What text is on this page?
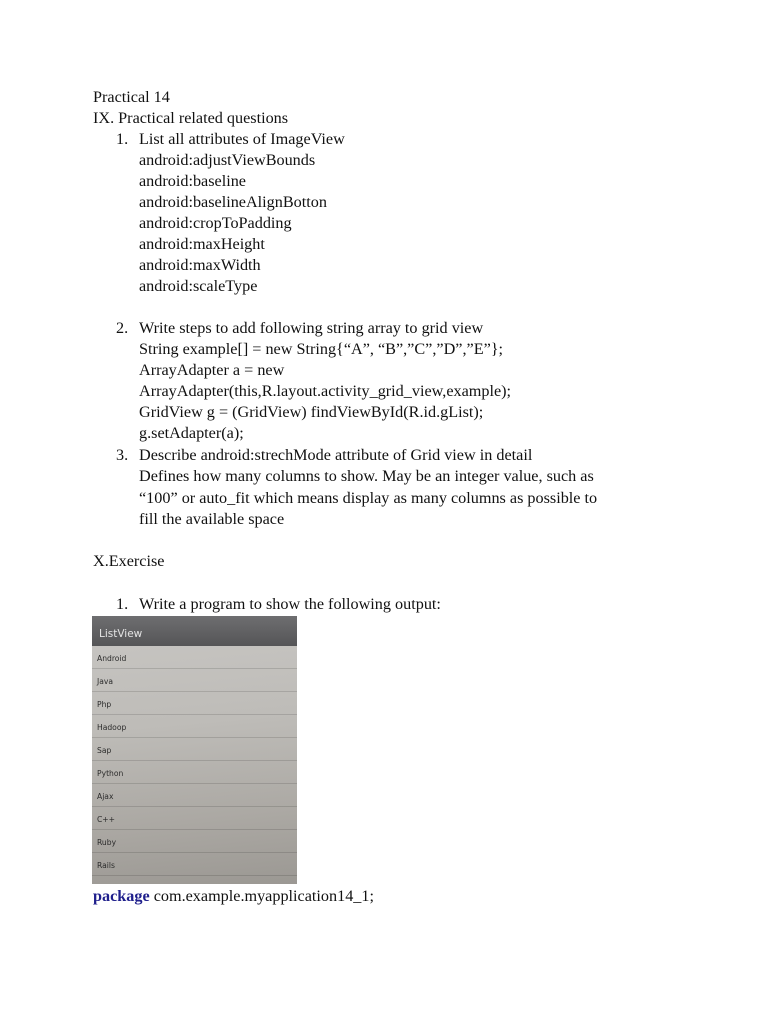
Practical 14
IX. Practical related questions
1. List all attributes of ImageView
android:adjustViewBounds
android:baseline
android:baselineAlignBotton
android:cropToPadding
android:maxHeight
android:maxWidth
android:scaleType
2. Write steps to add following string array to grid view
String example[] = new String{“A”, “B”,”C”,”D”,”E”};
ArrayAdapter a = new
ArrayAdapter(this,R.layout.activity_grid_view,example);
GridView g = (GridView) findViewById(R.id.gList);
g.setAdapter(a);
3. Describe android:strechMode attribute of Grid view in detail
Defines how many columns to show. May be an integer value, such as
“100” or auto_fit which means display as many columns as possible to
fill the available space
X.Exercise
1. Write a program to show the following output:
ListView
Android
Java
Php
Hadoop
Sap
Python
Ajax
C++
Ruby
Rails
package com.example.myapplication14_1;
